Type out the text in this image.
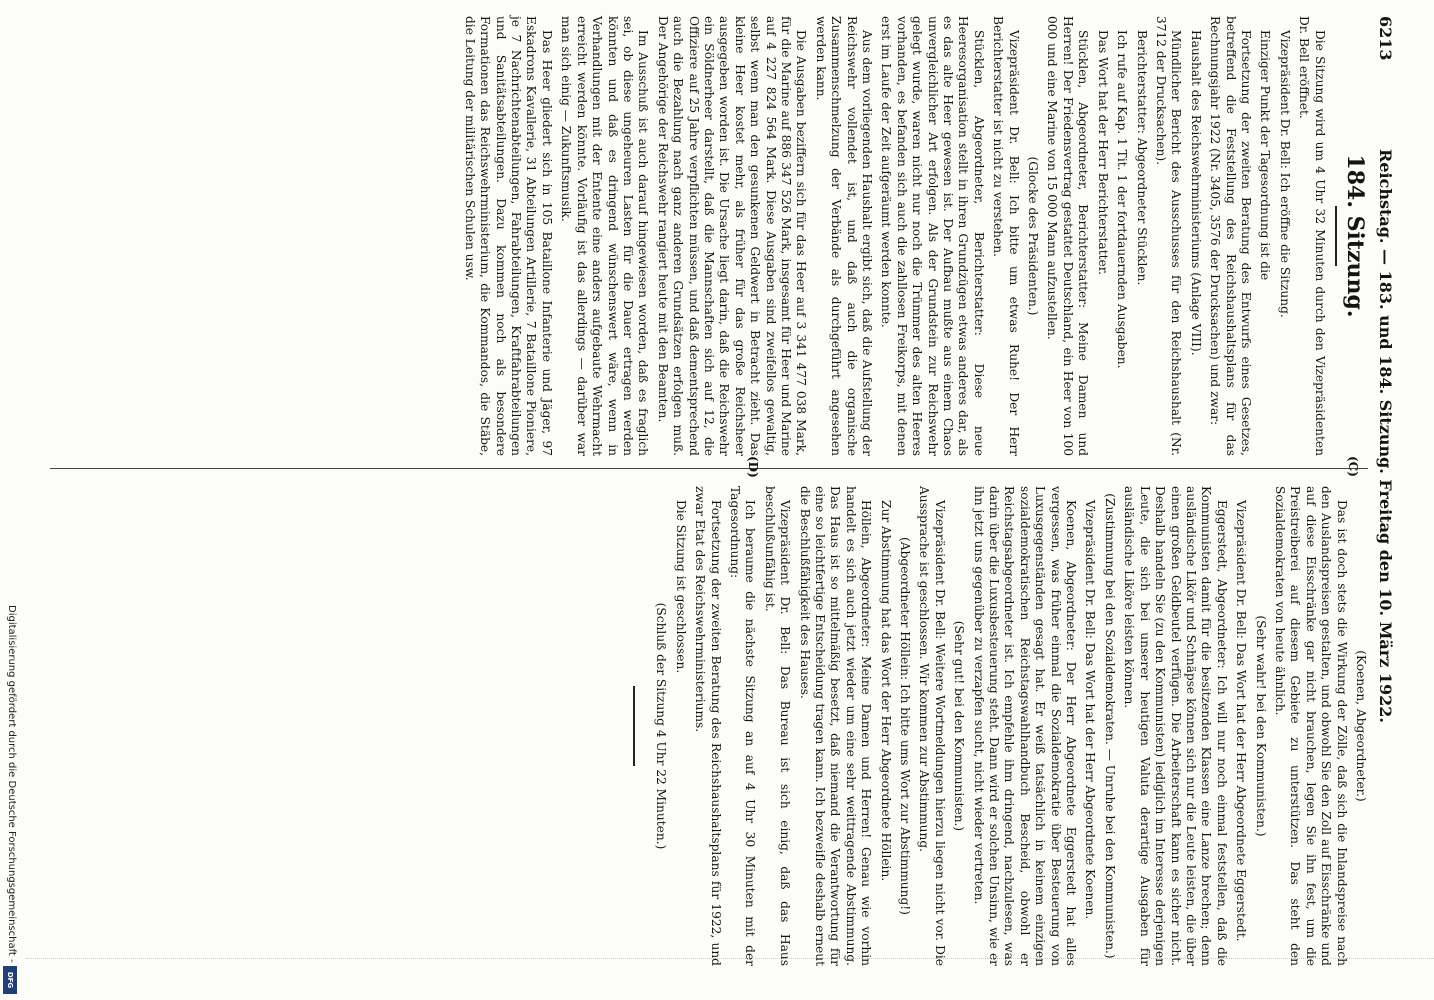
Digitalisierung gefördert durch die Deutsche Forschungsgemeinschaft -
DFG
6213
Reichstag. — 183. und 184. Sitzung. Freitag den 10. März 1922.
184. Sitzung.

Die Sitzung wird um 4 Uhr 32 Minuten durch den Vizepräsidenten Dr. Bell eröffnet.

Vizepräsident Dr. Bell: Ich eröffne die Sitzung.

Einziger Punkt der Tagesordnung ist die

Fortsetzung der zweiten Beratung des Entwurfs eines Gesetzes, betreffend die Feststellung des Reichshaushaltsplans für das Rechnungsjahr 1922 (Nr. 3405, 3576 der Drucksachen) und zwar:

Haushalt des Reichswehrministeriums (Anlage VIII).

Mündlicher Bericht des Ausschusses für den Reichshaushalt (Nr. 3712 der Drucksachen).

Berichterstatter: Abgeordneter Stücklen.

Ich rufe auf Kap. 1 Tit. 1 der fortdauernden Ausgaben.

Das Wort hat der Herr Berichterstatter.

Stücklen, Abgeordneter, Berichterstatter: Meine Damen und Herren! Der Friedensvertrag gestattet Deutschland, ein Heer von 100 000 und eine Marine von 15 000 Mann aufzustellen.

(Glocke des Präsidenten.)

Vizepräsident Dr. Bell: Ich bitte um etwas Ruhe! Der Herr Berichterstatter ist nicht zu verstehen.

Stücklen, Abgeordneter, Berichterstatter: Diese neue Heeresorganisation stellt in ihren Grundzügen etwas anderes dar, als es das alte Heer gewesen ist. Der Aufbau mußte aus einem Chaos unvergleichlicher Art erfolgen. Als der Grundstein zur Reichswehr gelegt wurde, waren nicht nur noch die Trümmer des alten Heeres vorhanden, es befanden sich auch die zahllosen Freikorps, mit denen erst im Laufe der Zeit aufgeräumt werden konnte.

Aus dem vorliegenden Haushalt ergibt sich, daß die Aufstellung der Reichswehr vollendet ist, und daß auch die organische Zusammenschmelzung der Verbände als durchgeführt angesehen werden kann.

Die Ausgaben beziffern sich für das Heer auf 3 341 477 038 Mark, für die Marine auf 886 347 526 Mark, insgesamt für Heer und Marine auf 4 227 824 564 Mark. Diese Ausgaben sind zweifellos gewaltig, selbst wenn man den gesunkenen Geldwert in Betracht zieht. Das kleine Heer kostet mehr, als früher für das große Reichsheer ausgegeben worden ist. Die Ursache liegt darin, daß die Reichswehr ein Söldnerheer darstellt, daß die Mannschaften sich auf 12, die Offiziere auf 25 Jahre verpflichten müssen, und daß dementsprechend auch die Bezahlung nach ganz anderen Grundsätzen erfolgen muß. Der Angehörige der Reichswehr rangiert heute mit den Beamten.

Im Ausschuß ist auch darauf hingewiesen worden, daß es fraglich sei, ob diese ungeheuren Lasten für die Dauer ertragen werden könnten und daß es dringend wünschenswert wäre, wenn in Verhandlungen mit der Entente eine anders aufgebaute Wehrmacht erreicht werden könnte. Vorläufig ist das allerdings — darüber war man sich einig — Zukunftsmusik.

Das Heer gliedert sich in 105 Bataillone Infanterie und Jäger, 97 Eskadrons Kavallerie, 31 Abteilungen Artillerie, 7 Bataillone Pioniere, je 7 Nachrichtenabteilungen, Fahrabteilungen, Kraftfahrabteilungen und Sanitätsabteilungen. Dazu kommen noch als besondere Formationen das Reichswehrministerium, die Kommandos, die Stäbe, die Leitung der militärischen Schulen usw.

(Koenen, Abgeordneter.)

Das ist doch stets die Wirkung der Zölle, daß sich die Inlandspreise nach den Auslandspreisen gestalten, und obwohl Sie den Zoll auf Eisschränke und auf diese Eisschränke gar nicht brauchen, legen Sie ihn fest, um die Preistreiberei auf diesem Gebiete zu unterstützen. Das steht den Sozialdemokraten von heute ähnlich.

(Sehr wahr! bei den Kommunisten.)

Vizepräsident Dr. Bell: Das Wort hat der Herr Abgeordnete Eggerstedt.

Eggerstedt, Abgeordneter: Ich will nur noch einmal feststellen, daß die Kommunisten damit für die besitzenden Klassen eine Lanze brechen; denn ausländische Likör und Schnäpse können sich nur die Leute leisten, die über einen großen Geldbeutel verfügen. Die Arbeiterschaft kann es sicher nicht. Deshalb handeln Sie (zu den Kommunisten) lediglich im Interesse derjenigen Leute, die sich bei unserer heutigen Valuta derartige Ausgaben für ausländische Liköre leisten können.

(Zustimmung bei den Sozialdemokraten. — Unruhe bei den Kommunisten.)

Vizepräsident Dr. Bell: Das Wort hat der Herr Abgeordnete Koenen.

Koenen, Abgeordneter: Der Herr Abgeordnete Eggerstedt hat alles vergessen, was früher einmal die Sozialdemokratie über Besteuerung von Luxusgegenständen gesagt hat. Er weiß tatsächlich in keinem einzigen sozialdemokratischen Reichstagswahlhandbuch Bescheid, obwohl er Reichstagsabgeordneter ist. Ich empfehle ihm dringend, nachzulesen, was darin über die Luxusbesteuerung steht. Dann wird er solchen Unsinn, wie er ihn jetzt uns gegenüber zu verzapfen sucht, nicht wieder vertreten.

(Sehr gut! bei den Kommunisten.)

Vizepräsident Dr. Bell: Weitere Wortmeldungen hierzu liegen nicht vor. Die Aussprache ist geschlossen. Wir kommen zur Abstimmung.

(Abgeordneter Höllein: Ich bitte ums Wort zur Abstimmung!)

Zur Abstimmung hat das Wort der Herr Abgeordnete Höllein.

Höllein, Abgeordneter: Meine Damen und Herren! Genau wie vorhin handelt es sich auch jetzt wieder um eine sehr weittragende Abstimmung. Das Haus ist so mittelmäßig besetzt, daß niemand die Verantwortung für eine so leichtfertige Entscheidung tragen kann. Ich bezweifle deshalb erneut die Beschlußfähigkeit des Hauses.

Vizepräsident Dr. Bell: Das Bureau ist sich einig, daß das Haus beschlußunfähig ist.

Ich beraume die nächste Sitzung an auf 4 Uhr 30 Minuten mit der Tagesordnung:

Fortsetzung der zweiten Beratung des Reichshaushaltsplans für 1922, und zwar Etat des Reichswehrministeriums.

Die Sitzung ist geschlossen.

(Schluß der Sitzung 4 Uhr 22 Minuten.)

(C)
(D)
